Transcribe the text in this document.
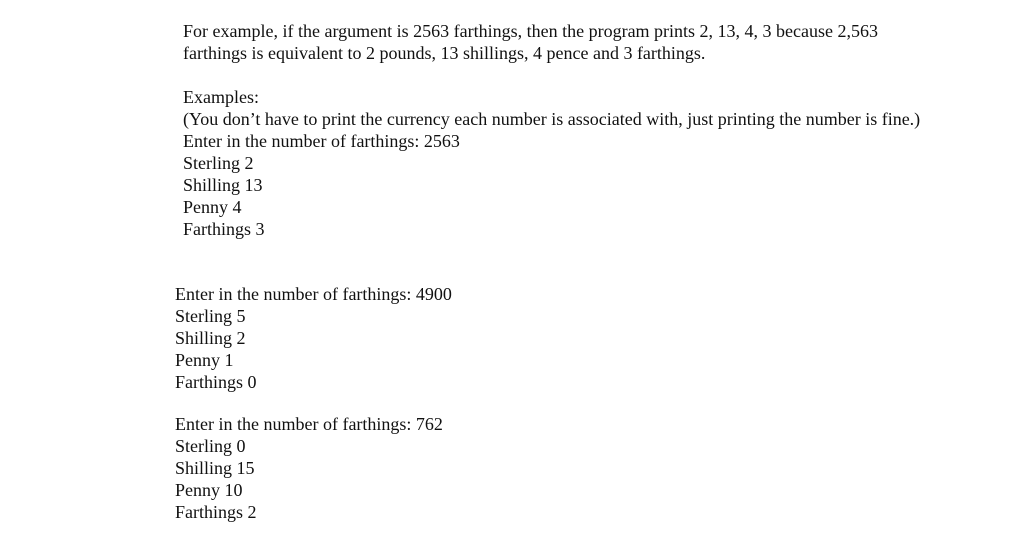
For example, if the argument is 2563 farthings, then the program prints 2, 13, 4, 3 because 2,563 farthings is equivalent to 2 pounds, 13 shillings, 4 pence and 3 farthings.

Examples:
(You don’t have to print the currency each number is associated with, just printing the number is fine.)
Enter in the number of farthings: 2563
Sterling 2
Shilling 13
Penny 4
Farthings 3
Enter in the number of farthings: 4900
Sterling 5
Shilling 2
Penny 1
Farthings 0
Enter in the number of farthings: 762
Sterling 0
Shilling 15
Penny 10
Farthings 2
